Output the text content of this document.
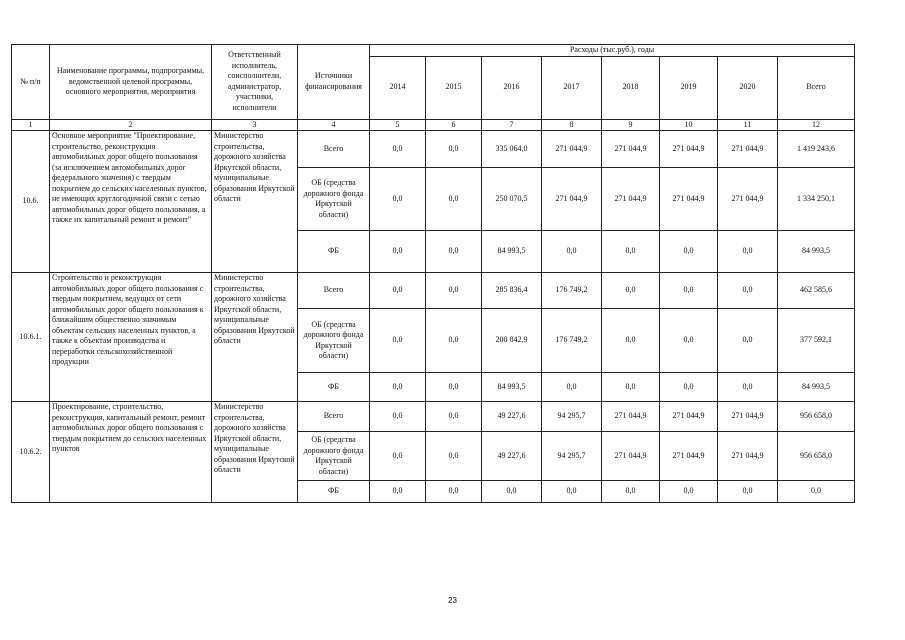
№ п/п	Наименование программы, подпрограммы, ведомственной целевой программы, основного мероприятия, мероприятия	Ответственный исполнитель, соисполнители, администратор, участники, исполнители	Источники финансирования	Расходы (тыс.руб.), годы							
				2014	2015	2016	2017	2018	2019	2020	Всего
1	2	3	4	5	6	7	8	9	10	11	12
10.6.	Основное мероприятие "Проектирование, строительство, реконструкция автомобильных дорог общего пользования (за исключением автомобильных дорог федерального значения) с твердым покрытием до сельских населенных пунктов, не имеющих круглогодичной связи с сетью автомобильных дорог общего пользования, а также их капитальный ремонт и ремонт"	Министерство строительства, дорожного хозяйства Иркутской области, муниципальные образования Иркутской области	Всего	0,0	0,0	335 064,0	271 044,9	271 044,9	271 044,9	271 044,9	1 419 243,6
			ОБ (средства дорожного фонда Иркутской области)	0,0	0,0	250 070,5	271 044,9	271 044,9	271 044,9	271 044,9	1 334 250,1
			ФБ	0,0	0,0	84 993,5	0,0	0,0	0,0	0,0	84 993,5
10.6.1.	Строительство и реконструкция автомобильных дорог общего пользования с твердым покрытием, ведущих от сети автомобильных дорог общего пользования к ближайшим общественно значимым объектам сельских населенных пунктов, а также к объектам производства и переработки сельскохозяйственной продукции	Министерство строительства, дорожного хозяйства Иркутской области, муниципальные образования Иркутской области	Всего	0,0	0,0	285 836,4	176 749,2	0,0	0,0	0,0	462 585,6
			ОБ (средства дорожного фонда Иркутской области)	0,0	0,0	200 842,9	176 749,2	0,0	0,0	0,0	377 592,1
			ФБ	0,0	0,0	84 993,5	0,0	0,0	0,0	0,0	84 993,5
10.6.2.	Проектирование, строительство, реконструкция, капитальный ремонт, ремонт автомобильных дорог общего пользования с твердым покрытием до сельских населенных пунктов	Министерство строительства, дорожного хозяйства Иркутской области, муниципальные образования Иркутской области	Всего	0,0	0,0	49 227,6	94 295,7	271 044,9	271 044,9	271 044,9	956 658,0
			ОБ (средства дорожного фонда Иркутской области)	0,0	0,0	49 227,6	94 295,7	271 044,9	271 044,9	271 044,9	956 658,0
			ФБ	0,0	0,0	0,0	0,0	0,0	0,0	0,0	0,0
23
